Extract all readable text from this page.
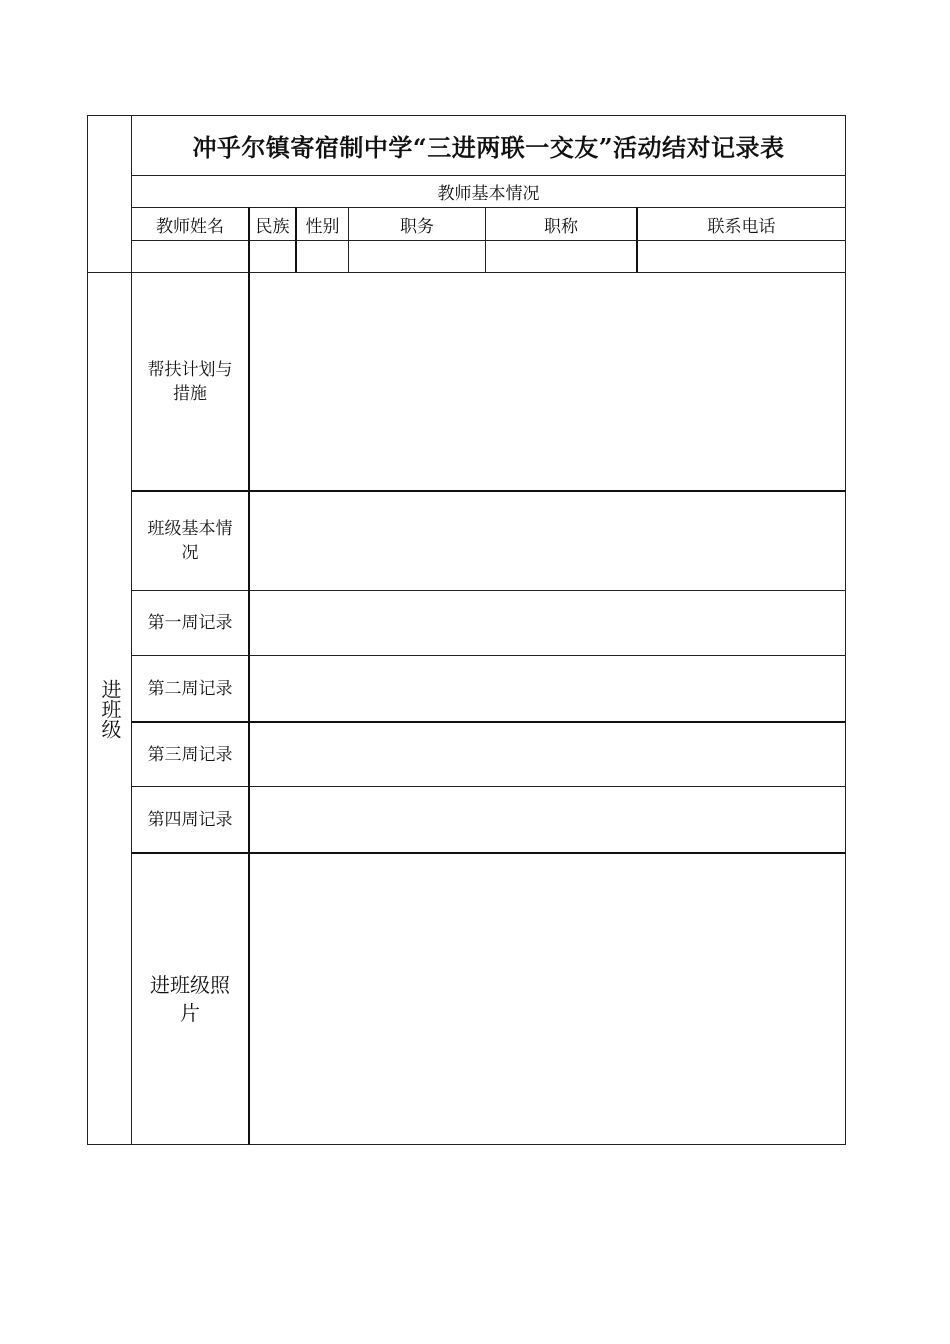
冲乎尔镇寄宿制中学“三进两联一交友”活动结对记录表
教师基本情况
教师姓名	民族 性别	职务	职称	联系电话
进班级
帮扶计划与措施
班级基本情况
第一周记录
第二周记录
第三周记录
第四周记录
进班级照片
